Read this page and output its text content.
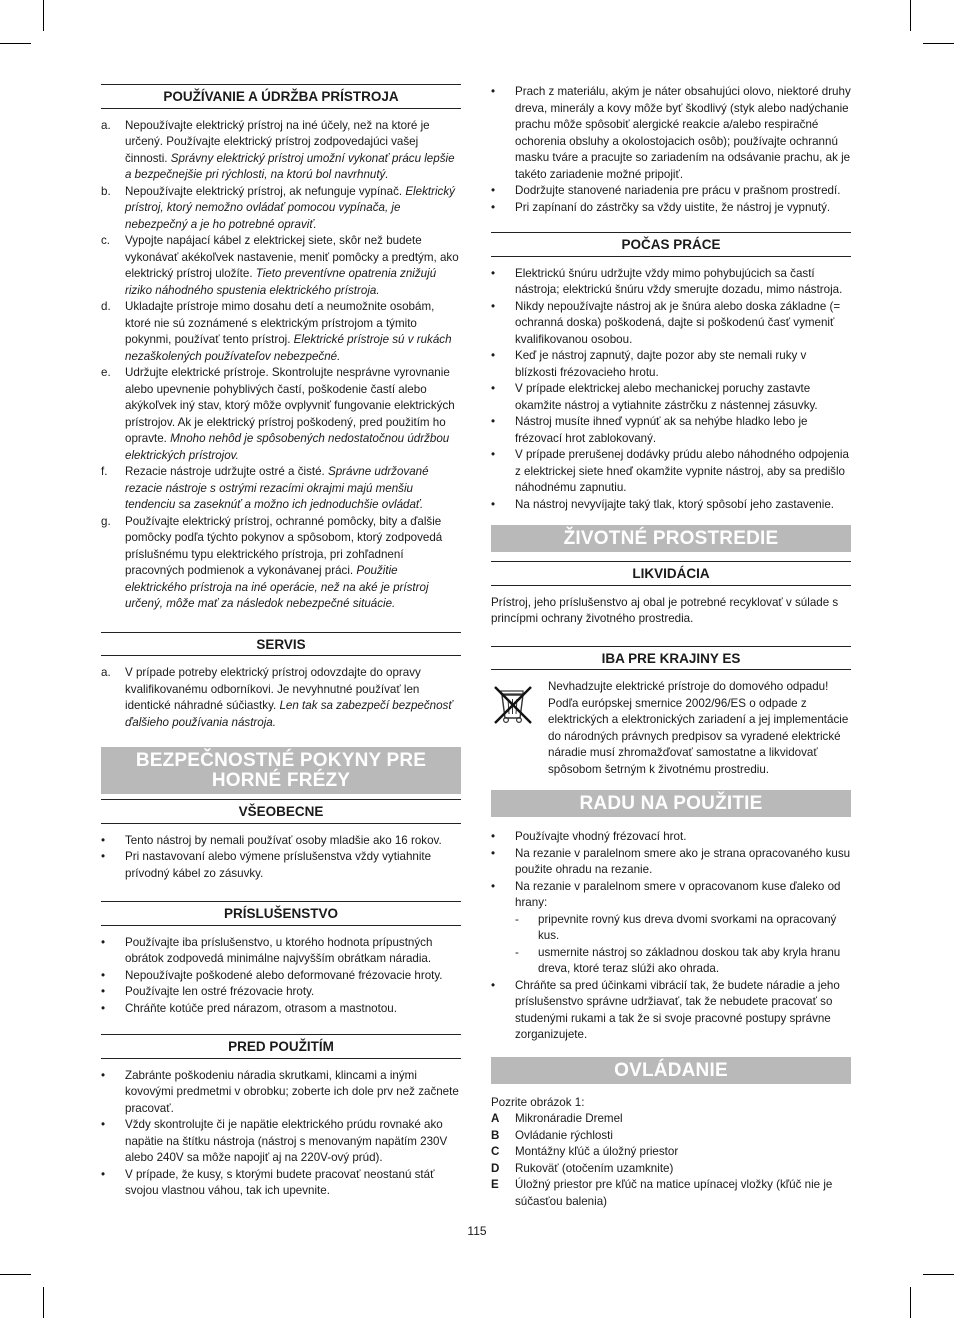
POUŽÍVANIE A ÚDRŽBA PRÍSTROJA
a.	Nepoužívajte elektrický prístroj na iné účely, než na ktoré je určený. Používajte elektrický prístroj zodpovedajúci vašej činnosti. Správny elektrický prístroj umožní vykonať prácu lepšie a bezpečnejšie pri rýchlosti, na ktorú bol navrhnutý.
b.	Nepoužívajte elektrický prístroj, ak nefunguje vypínač. Elektrický prístroj, ktorý nemožno ovládať pomocou vypínača, je nebezpečný a je ho potrebné opraviť.
c.	Vypojte napájací kábel z elektrickej siete, skôr než budete vykonávať akékoľvek nastavenie, meniť pomôcky a predtým, ako elektrický prístroj uložíte. Tieto preventívne opatrenia znižujú riziko náhodného spustenia elektrického prístroja.
d.	Ukladajte prístroje mimo dosahu detí a neumožnite osobám, ktoré nie sú zoznámené s elektrickým prístrojom a týmito pokynmi, používať tento prístroj. Elektrické prístroje sú v rukách nezaškolených používateľov nebezpečné.
e.	Udržujte elektrické prístroje. Skontrolujte nesprávne vyrovnanie alebo upevnenie pohyblivých častí, poškodenie častí alebo akýkoľvek iný stav, ktorý môže ovplyvniť fungovanie elektrických prístrojov. Ak je elektrický prístroj poškodený, pred použitím ho opravte. Mnoho nehôd je spôsobených nedostatočnou údržbou elektrických prístrojov.
f.	Rezacie nástroje udržujte ostré a čisté. Správne udržované rezacie nástroje s ostrými rezacími okrajmi majú menšiu tendenciu sa zaseknúť a možno ich jednoduchšie ovládať.
g.	Používajte elektrický prístroj, ochranné pomôcky, bity a ďalšie pomôcky podľa týchto pokynov a spôsobom, ktorý zodpovedá príslušnému typu elektrického prístroja, pri zohľadnení pracovných podmienok a vykonávanej práci. Použitie elektrického prístroja na iné operácie, než na aké je prístroj určený, môže mať za následok nebezpečné situácie.
SERVIS
a.	V prípade potreby elektrický prístroj odovzdajte do opravy kvalifikovanému odborníkovi. Je nevyhnutné používať len identické náhradné súčiastky. Len tak sa zabezpečí bezpečnosť ďalšieho používania nástroja.
BEZPEČNOSTNÉ POKYNY PRE HORNÉ FRÉZY
VŠEOBECNE
•	Tento nástroj by nemali používať osoby mladšie ako 16 rokov.
•	Pri nastavovaní alebo výmene príslušenstva vždy vytiahnite prívodný kábel zo zásuvky.
PRÍSLUŠENSTVO
•	Používajte iba príslušenstvo, u ktorého hodnota prípustných obrátok zodpovedá minimálne najvyšším obrátkam náradia.
•	Nepoužívajte poškodené alebo deformované frézovacie hroty.
•	Používajte len ostré frézovacie hroty.
•	Chráňte kotúče pred nárazom, otrasom a mastnotou.
PRED POUŽITÍM
•	Zabránte poškodeniu náradia skrutkami, klincami a inými kovovými predmetmi v obrobku; zoberte ich dole prv než začnete pracovať.
•	Vždy skontrolujte či je napätie elektrického prúdu rovnaké ako napätie na štítku nástroja (nástroj s menovaným napätím 230V alebo 240V sa môže napojiť aj na 220V-ový prúd).
•	V prípade, že kusy, s ktorými budete pracovať neostanú stáť svojou vlastnou váhou, tak ich upevnite.
•	Prach z materiálu, akým je náter obsahujúci olovo, niektoré druhy dreva, minerály a kovy môže byť škodlivý (styk alebo nadýchanie prachu môže spôsobiť alergické reakcie a/alebo respiračné ochorenia obsluhy a okolostojacich osôb); používajte ochrannú masku tváre a pracujte so zariadením na odsávanie prachu, ak je takéto zariadenie možné pripojiť.
•	Dodržujte stanovené nariadenia pre prácu v prašnom prostredí.
•	Pri zapínaní do zástrčky sa vždy uistite, že nástroj je vypnutý.
POČAS PRÁCE
•	Elektrickú šnúru udržujte vždy mimo pohybujúcich sa častí nástroja; elektrickú šnúru vždy smerujte dozadu, mimo nástroja.
•	Nikdy nepoužívajte nástroj ak je šnúra alebo doska základne (= ochranná doska) poškodená, dajte si poškodenú časť vymeniť kvalifikovanou osobou.
•	Keď je nástroj zapnutý, dajte pozor aby ste nemali ruky v blízkosti frézovacieho hrotu.
•	V prípade elektrickej alebo mechanickej poruchy zastavte okamžite nástroj a vytiahnite zástrčku z nástennej zásuvky.
•	Nástroj musíte ihneď vypnúť ak sa nehýbe hladko lebo je frézovací hrot zablokovaný.
•	V prípade prerušenej dodávky prúdu alebo náhodného odpojenia z elektrickej siete hneď okamžite vypnite nástroj, aby sa predišlo náhodnému zapnutiu.
•	Na nástroj nevyvíjajte taký tlak, ktorý spôsobí jeho zastavenie.
ŽIVOTNÉ PROSTREDIE
LIKVIDÁCIA

Prístroj, jeho príslušenstvo aj obal je potrebné recyklovať v súlade s princípmi ochrany životného prostredia.

IBA PRE KRAJINY ES

Nevhadzujte elektrické prístroje do domového odpadu! Podľa európskej smernice 2002/96/ES o odpade z elektrických a elektronických zariadení a jej implementácie do národných právnych predpisov sa vyradené elektrické náradie musí zhromažďovať samostatne a likvidovať spôsobom šetrným k životnému prostrediu.

RADU NA POUŽITIE
•	Používajte vhodný frézovací hrot.
•	Na rezanie v paralelnom smere ako je strana opracovaného kusu použite ohradu na rezanie.
•	Na rezanie v paralelnom smere v opracovanom kuse ďaleko od hrany:
-	pripevnite rovný kus dreva dvomi svorkami na opracovaný kus.
-	usmernite nástroj so základnou doskou tak aby kryla hranu dreva, ktoré teraz slúži ako ohrada.
•	Chráňte sa pred účinkami vibrácií tak, že budete náradie a jeho príslušenstvo správne udržiavať, tak že nebudete pracovať so studenými rukami a tak že si svoje pracovné postupy správne zorganizujete.
OVLÁDANIE

Pozrite obrázok 1:

A	Mikronáradie Dremel
B	Ovládanie rýchlosti
C	Montážny kľúč a úložný priestor
D	Rukoväť (otočením uzamknite)
E	Úložný priestor pre kľúč na matice upínacej vložky (kľúč nie je súčasťou balenia)
115
